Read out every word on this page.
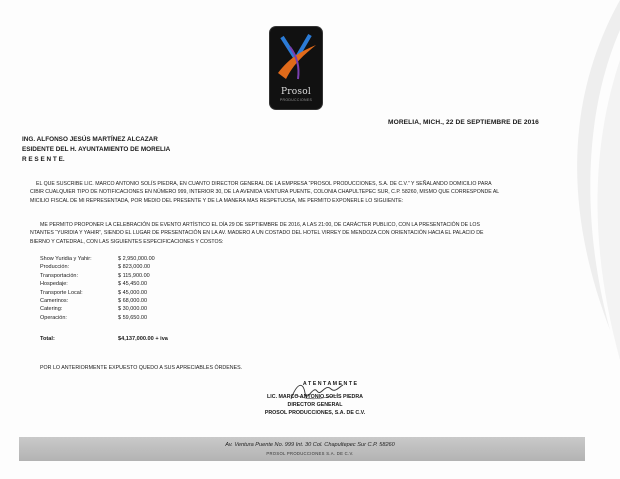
Prosol
PRODUCCIONES
MORELIA, MICH., 22 DE SEPTIEMBRE DE 2016
ING. ALFONSO JESÚS MARTÍNEZ ALCAZAR
ESIDENTE DEL H. AYUNTAMIENTO DE MORELIA
R E S E N T E.
EL QUE SUSCRIBE LIC. MARCO ANTONIO SOLÍS PIEDRA, EN CUANTO DIRECTOR GENERAL DE LA EMPRESA “PROSOL PRODUCCIONES, S.A. DE C.V.” Y SEÑALANDO DOMICILIO PARA
CIBIR CUALQUIER TIPO DE NOTIFICACIONES EN NÚMERO 999, INTERIOR 30, DE LA AVENIDA VENTURA PUENTE, COLONIA CHAPULTEPEC SUR, C.P. 58260, MISMO QUE CORRESPONDE AL
MICILIO FISCAL DE MI REPRESENTADA, POR MEDIO DEL PRESENTE Y DE LA MANERA MAS RESPETUOSA, ME PERMITO EXPONERLE LO SIGUIENTE:
ME PERMITO PROPONER LA CELEBRACIÓN DE EVENTO ARTÍSTICO EL DÍA 29 DE SEPTIEMBRE DE 2016, A LAS 21:00, DE CARÁCTER PUBLICO, CON LA PRESENTACIÓN DE LOS
NTANTES “YURIDIA Y YAHIR”, SIENDO EL LUGAR DE PRESENTACIÓN EN LA AV. MADERO A UN COSTADO DEL HOTEL VIRREY DE MENDOZA CON ORIENTACIÓN HACIA EL PALACIO DE
BIERNO Y CATEDRAL, CON LAS SIGUIENTES ESPECIFICACIONES Y COSTOS:
Show Yuridia y Yahir:	$ 2,950,000.00
Producción:	$ 823,000.00
Transportación:	$ 115,900.00
Hospedaje:	$ 45,450.00
Transporte Local:	$ 45,000.00
Camerinos:	$ 68,000.00
Catering:	$ 30,000.00
Operación:	$ 59,650.00
Total:	$4,137,000.00 + iva
POR LO ANTERIORMENTE EXPUESTO QUEDO A SUS APRECIABLES ÓRDENES.
A T E N T A M E N T E
LIC. MARCO ANTONIO SOLÍS PIEDRA
DIRECTOR GENERAL
PROSOL PRODUCCIONES, S.A. DE C.V.
Av. Ventura Puente No. 999 Int. 30 Col. Chapultepec Sur C.P. 58260
PROSOL PRODUCCIONES S.A. DE C.V.
